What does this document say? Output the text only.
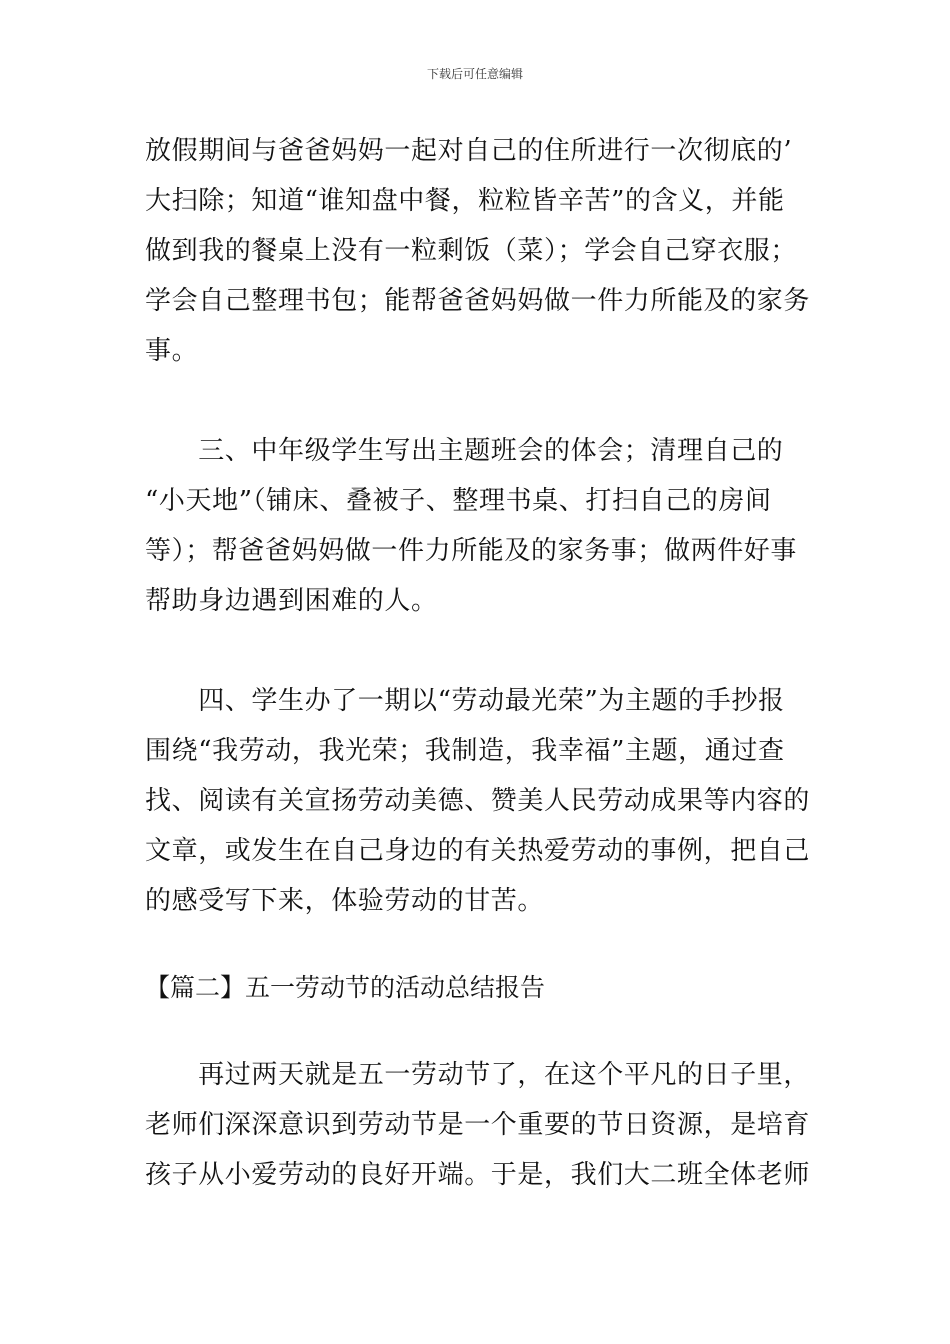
下载后可任意编辑

放假期间与爸爸妈妈一起对自己的住所进行一次彻底的’
大扫除；知道“谁知盘中餐，粒粒皆辛苦”的含义，并能
做到我的餐桌上没有一粒剩饭（菜）；学会自己穿衣服；
学会自己整理书包；能帮爸爸妈妈做一件力所能及的家务
事。

　　三、中年级学生写出主题班会的体会；清理自己的
“小天地”（铺床、叠被子、整理书桌、打扫自己的房间
等）；帮爸爸妈妈做一件力所能及的家务事；做两件好事
帮助身边遇到困难的人。

　　四、学生办了一期以“劳动最光荣”为主题的手抄报
围绕“我劳动，我光荣；我制造，我幸福”主题，通过查
找、阅读有关宣扬劳动美德、赞美人民劳动成果等内容的
文章，或发生在自己身边的有关热爱劳动的事例，把自己
的感受写下来，体验劳动的甘苦。

【篇二】五一劳动节的活动总结报告

　　再过两天就是五一劳动节了，在这个平凡的日子里，
老师们深深意识到劳动节是一个重要的节日资源，是培育
孩子从小爱劳动的良好开端。于是，我们大二班全体老师
